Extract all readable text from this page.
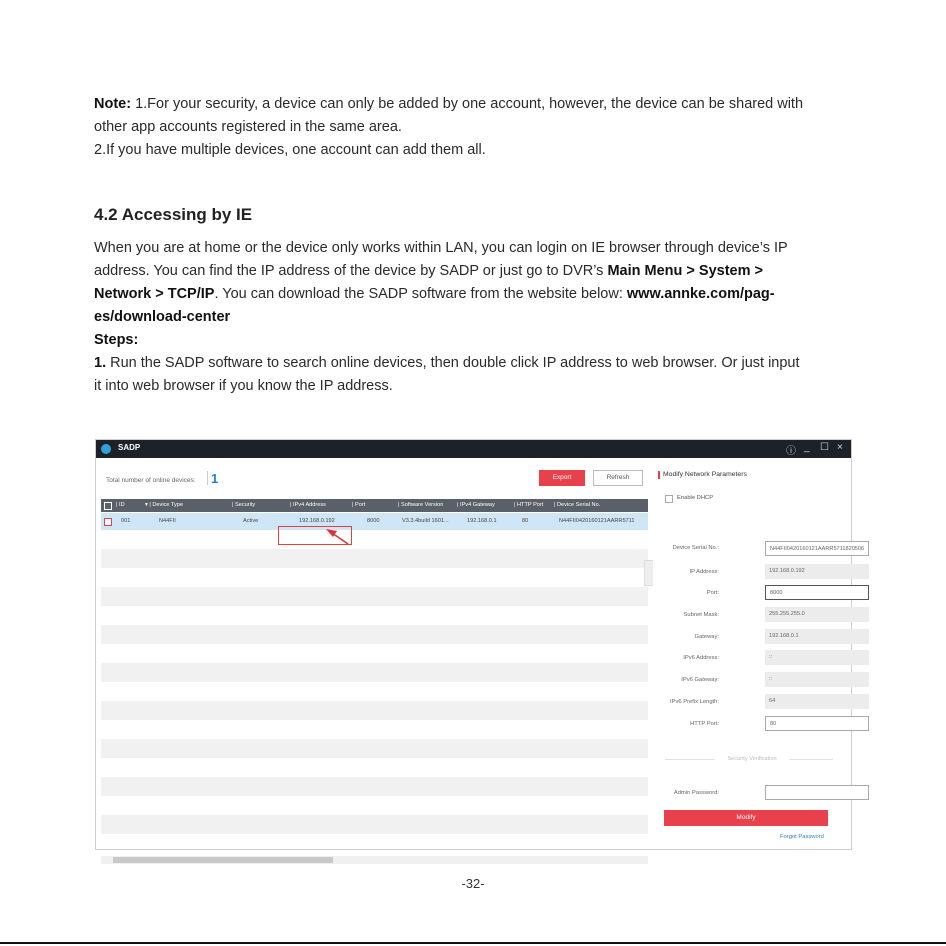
Note: 1.For your security, a device can only be added by one account, however, the device can be shared with
other app accounts registered in the same area.
2.If you have multiple devices, one account can add them all.
4.2 Accessing by IE
When you are at home or the device only works within LAN, you can login on IE browser through device’s IP
address. You can find the IP address of the device by SADP or just go to DVR’s Main Menu > System >
Network > TCP/IP. You can download the SADP software from the website below: www.annke.com/pag-
es/download-center
Steps:
1. Run the SADP software to search online devices, then double click IP address to web browser. Or just input
it into web browser if you know the IP address.
SADP	ⓘ _ ☐ ×
Total number of online devices: 1	Export	Refresh
| ID	▾ | Device Type	| Security	| IPv4 Address	| Port	| Software Version | IPv4 Gateway	| HTTP Port | Device Serial No.
001	N44FII	Active	192.168.0.192	8000	V3.3.4build 1601...	192.168.0.1	80	N44FII0420160121AARR5711
Modify Network Parameters
Enable DHCP
Device Serial No.:	N44FII0420160121AARR5711820506
IP Address:	192.168.0.192
Port:	8000
Subnet Mask:	255.255.255.0
Gateway:	192.168.0.1
IPv6 Address:	::
IPv6 Gateway:	::
IPv6 Prefix Length:	64
HTTP Port:	80
Security Verification
Admin Password:
Modify
Forgot Password
-32-
